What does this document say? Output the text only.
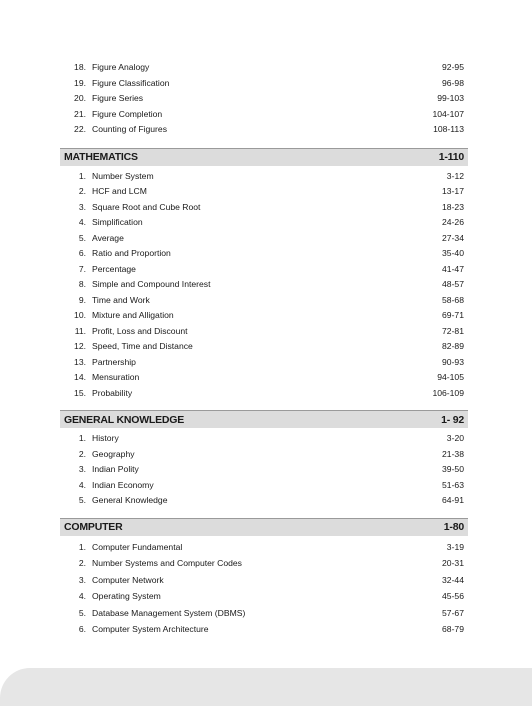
18. Figure Analogy	92-95
19. Figure Classification	96-98
20. Figure Series	99-103
21. Figure Completion	104-107
22. Counting of Figures	108-113
MATHEMATICS	1-110
1. Number System	3-12
2. HCF and LCM	13-17
3. Square Root and Cube Root	18-23
4. Simplification	24-26
5. Average	27-34
6. Ratio and Proportion	35-40
7. Percentage	41-47
8. Simple and Compound Interest	48-57
9. Time and Work	58-68
10. Mixture and Alligation	69-71
11. Profit, Loss and Discount	72-81
12. Speed, Time and Distance	82-89
13. Partnership	90-93
14. Mensuration	94-105
15. Probability	106-109
GENERAL KNOWLEDGE	1- 92
1. History	3-20
2. Geography	21-38
3. Indian Polity	39-50
4. Indian Economy	51-63
5. General Knowledge	64-91
COMPUTER	1-80
1. Computer Fundamental	3-19
2. Number Systems and Computer Codes	20-31
3. Computer Network	32-44
4. Operating System	45-56
5. Database Management System (DBMS)	57-67
6. Computer System Architecture	68-79
